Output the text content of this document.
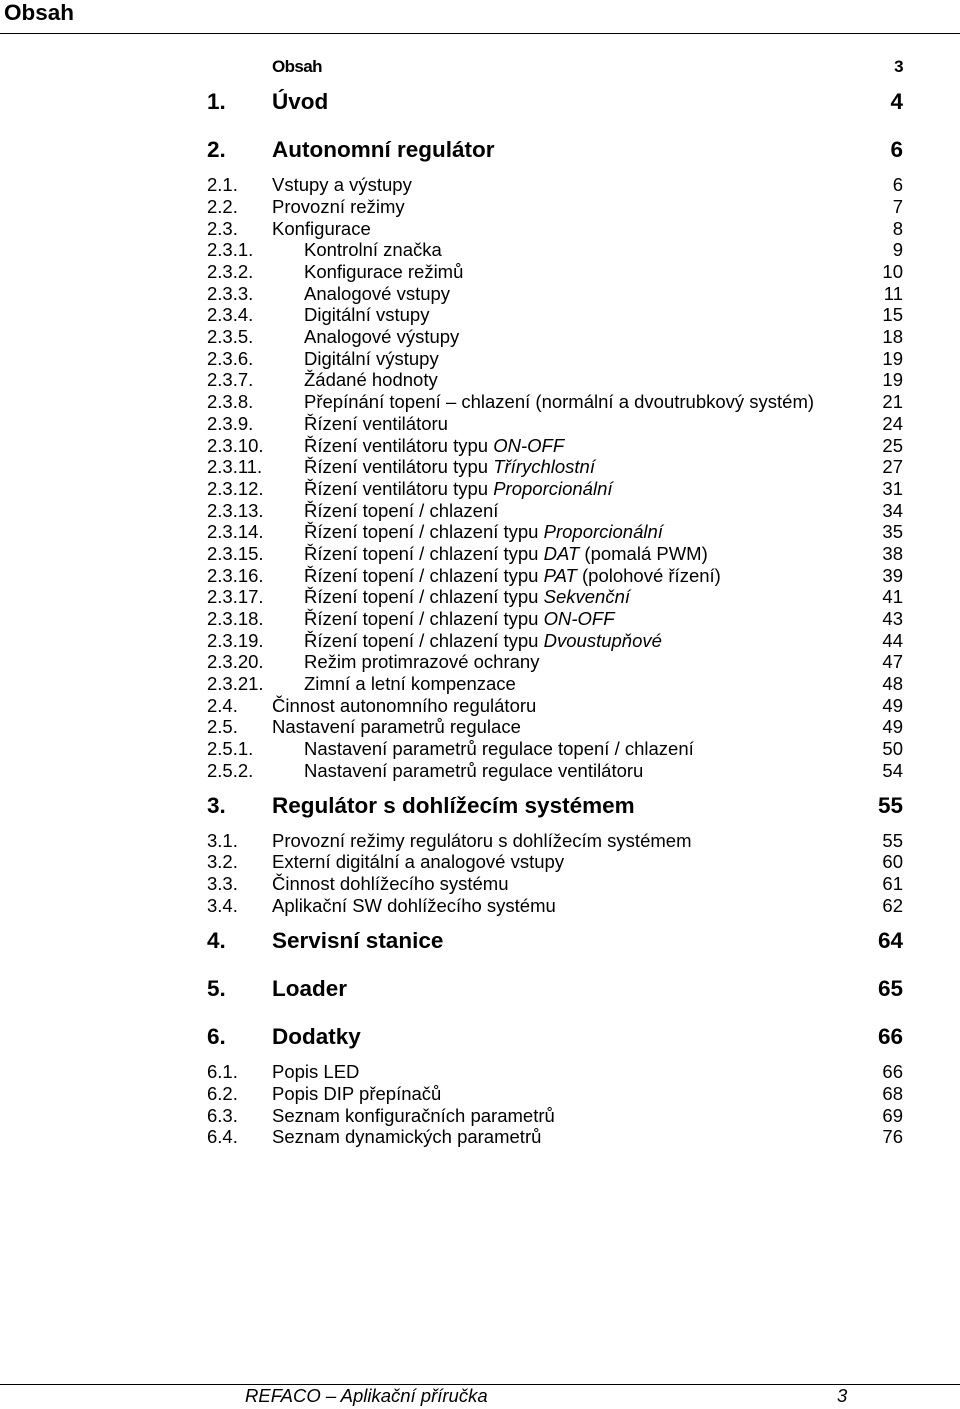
Obsah
Obsah	3
1. Úvod	4
2. Autonomní regulátor	6
2.1. Vstupy a výstupy	6
2.2. Provozní režimy	7
2.3. Konfigurace	8
2.3.1.	Kontrolní značka	9
2.3.2.	Konfigurace režimů	10
2.3.3.	Analogové vstupy	11
2.3.4.	Digitální vstupy	15
2.3.5.	Analogové výstupy	18
2.3.6.	Digitální výstupy	19
2.3.7.	Žádané hodnoty	19
2.3.8.	Přepínání topení – chlazení (normální a dvoutrubkový systém)	21
2.3.9.	Řízení ventilátoru	24
2.3.10. Řízení ventilátoru typu ON-OFF	25
2.3.11. Řízení ventilátoru typu Třírychlostní	27
2.3.12. Řízení ventilátoru typu Proporcionální	31
2.3.13. Řízení topení / chlazení	34
2.3.14. Řízení topení / chlazení typu Proporcionální	35
2.3.15. Řízení topení / chlazení typu DAT (pomalá PWM)	38
2.3.16. Řízení topení / chlazení typu PAT (polohové řízení)	39
2.3.17. Řízení topení / chlazení typu Sekvenční	41
2.3.18. Řízení topení / chlazení typu ON-OFF	43
2.3.19. Řízení topení / chlazení typu Dvoustupňové	44
2.3.20. Režim protimrazové ochrany	47
2.3.21. Zimní a letní kompenzace	48
2.4. Činnost autonomního regulátoru	49
2.5. Nastavení parametrů regulace	49
2.5.1.	Nastavení parametrů regulace topení / chlazení	50
2.5.2.	Nastavení parametrů regulace ventilátoru	54
3. Regulátor s dohlížecím systémem	55
3.1. Provozní režimy regulátoru s dohlížecím systémem	55
3.2. Externí digitální a analogové vstupy	60
3.3. Činnost dohlížecího systému	61
3.4. Aplikační SW dohlížecího systému	62
4. Servisní stanice	64
5. Loader	65
6. Dodatky	66
6.1. Popis LED	66
6.2. Popis DIP přepínačů	68
6.3. Seznam konfiguračních parametrů	69
6.4. Seznam dynamických parametrů	76
REFACO – Aplikační příručka	3
